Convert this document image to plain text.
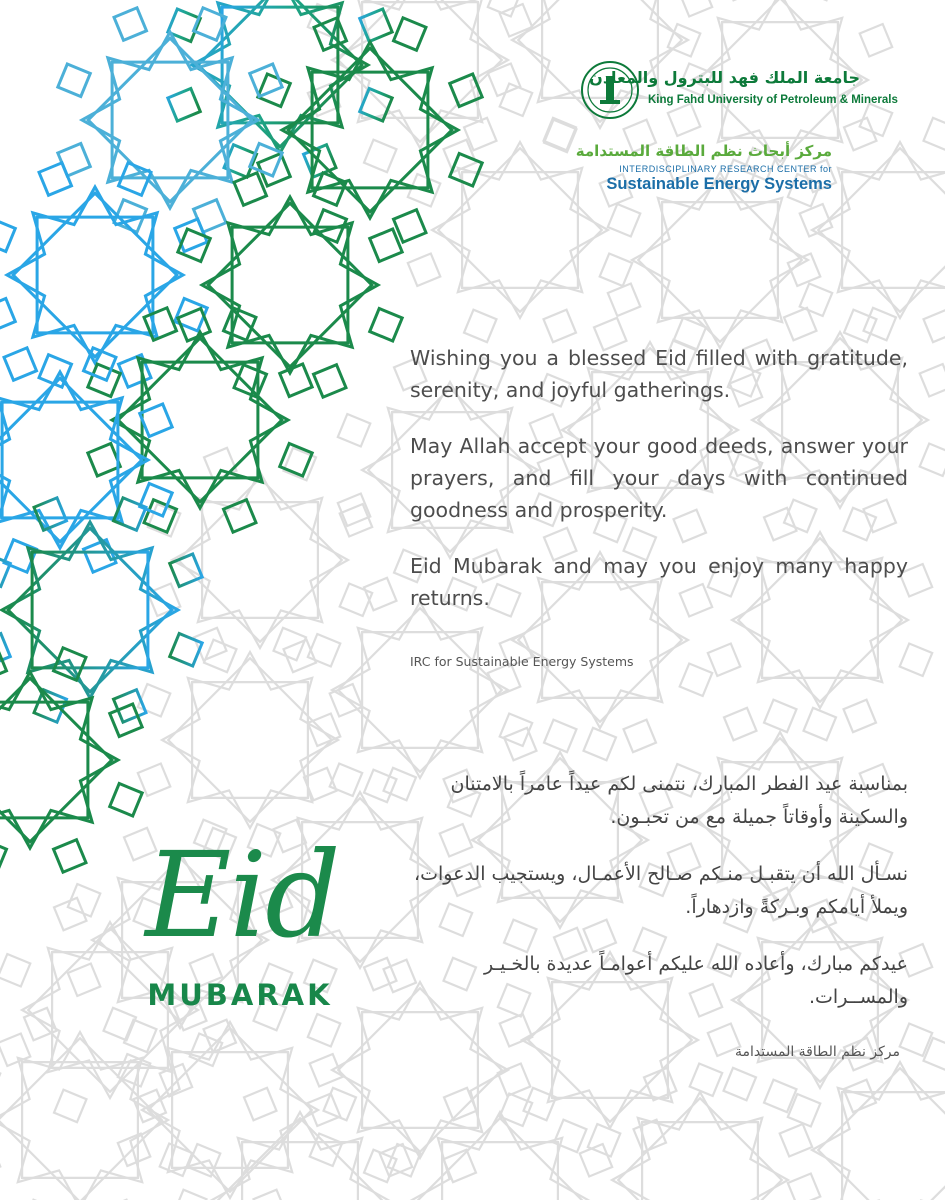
جامعة الملك فهد للبترول والمعادن
King Fahd University of Petroleum & Minerals
مركز أبحاث نظم الطاقة المستدامة
INTERDISCIPLINARY RESEARCH CENTER for
Sustainable Energy Systems

Wishing you a blessed Eid filled with gratitude, serenity, and joyful gatherings.

May Allah accept your good deeds, answer your prayers, and fill your days with continued goodness and prosperity.

Eid Mubarak and may you enjoy many happy returns.

IRC for Sustainable Energy Systems

بمناسبة عيد الفطر المبارك، نتمنى لكم عيداً عامراً بالامتنان والسكينة وأوقاتاً جميلة مع من تحبـون.

نسـأل الله أن يتقبـل منـكم صـالح الأعمـال، ويستجيب الدعوات، ويملأ أيامكم وبـركةً وازدهاراً.

عيدكم مبارك، وأعاده الله عليكم أعوامـاً عديدة بالخـيـر والمســرات.

مركز نظم الطاقة المستدامة
Eid
MUBARAK
